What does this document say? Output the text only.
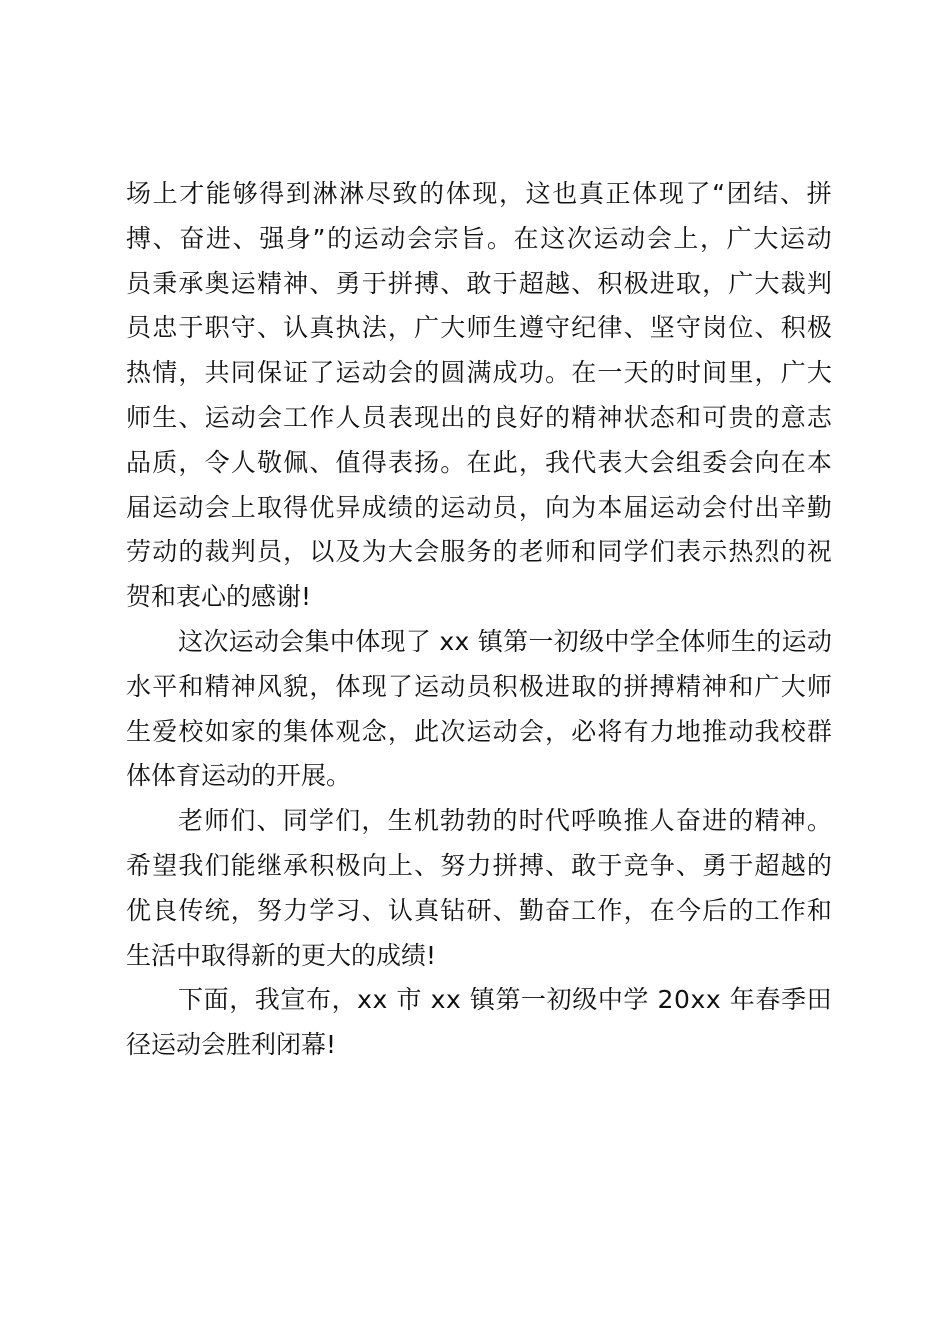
场 上 才 能 够 得 到 淋 淋 尽 致 的 体 现 ， 这 也 真 正 体 现 了 “ 团 结 、 拼
搏 、 奋 进 、 强 身 ” 的 运 动 会 宗 旨 。 在 这 次 运 动 会 上 ， 广 大 运 动
员 秉 承 奥 运 精 神 、 勇 于 拼 搏 、 敢 于 超 越 、 积 极 进 取 ， 广 大 裁 判
员 忠 于 职 守 、 认 真 执 法 ， 广 大 师 生 遵 守 纪 律 、 坚 守 岗 位 、 积 极
热 情 ， 共 同 保 证 了 运 动 会 的 圆 满 成 功 。 在 一 天 的 时 间 里 ， 广 大
师 生 、 运 动 会 工 作 人 员 表 现 出 的 良 好 的 精 神 状 态 和 可 贵 的 意 志
品 质 ， 令 人 敬 佩 、 值 得 表 扬 。 在 此 ， 我 代 表 大 会 组 委 会 向 在 本
届 运 动 会 上 取 得 优 异 成 绩 的 运 动 员 ， 向 为 本 届 运 动 会 付 出 辛 勤
劳 动 的 裁 判 员 ， 以 及 为 大 会 服 务 的 老 师 和 同 学 们 表 示 热 烈 的 祝
贺和衷心的感谢!
这 次 运 动 会 集 中 体 现 了
x x
镇 第 一 初 级 中 学 全 体 师 生 的 运 动
水 平 和 精 神 风 貌 ， 体 现 了 运 动 员 积 极 进 取 的 拼 搏 精 神 和 广 大 师
生 爱 校 如 家 的 集 体 观 念 ， 此 次 运 动 会 ， 必 将 有 力 地 推 动 我 校 群
体体育运动的开展。
老 师 们 、 同 学 们 ， 生 机 勃 勃 的 时 代 呼 唤 推 人 奋 进 的 精 神 。
希 望 我 们 能 继 承 积 极 向 上 、 努 力 拼 搏 、 敢 于 竞 争 、 勇 于 超 越 的
优 良 传 统 ， 努 力 学 习 、 认 真 钻 研 、 勤 奋 工 作 ， 在 今 后 的 工 作 和
生活中取得新的更大的成绩!
下 面 ， 我 宣 布 ， x x
市
x x
镇 第 一 初 级 中 学
2 0 x x
年 春 季 田
径运动会胜利闭幕!
